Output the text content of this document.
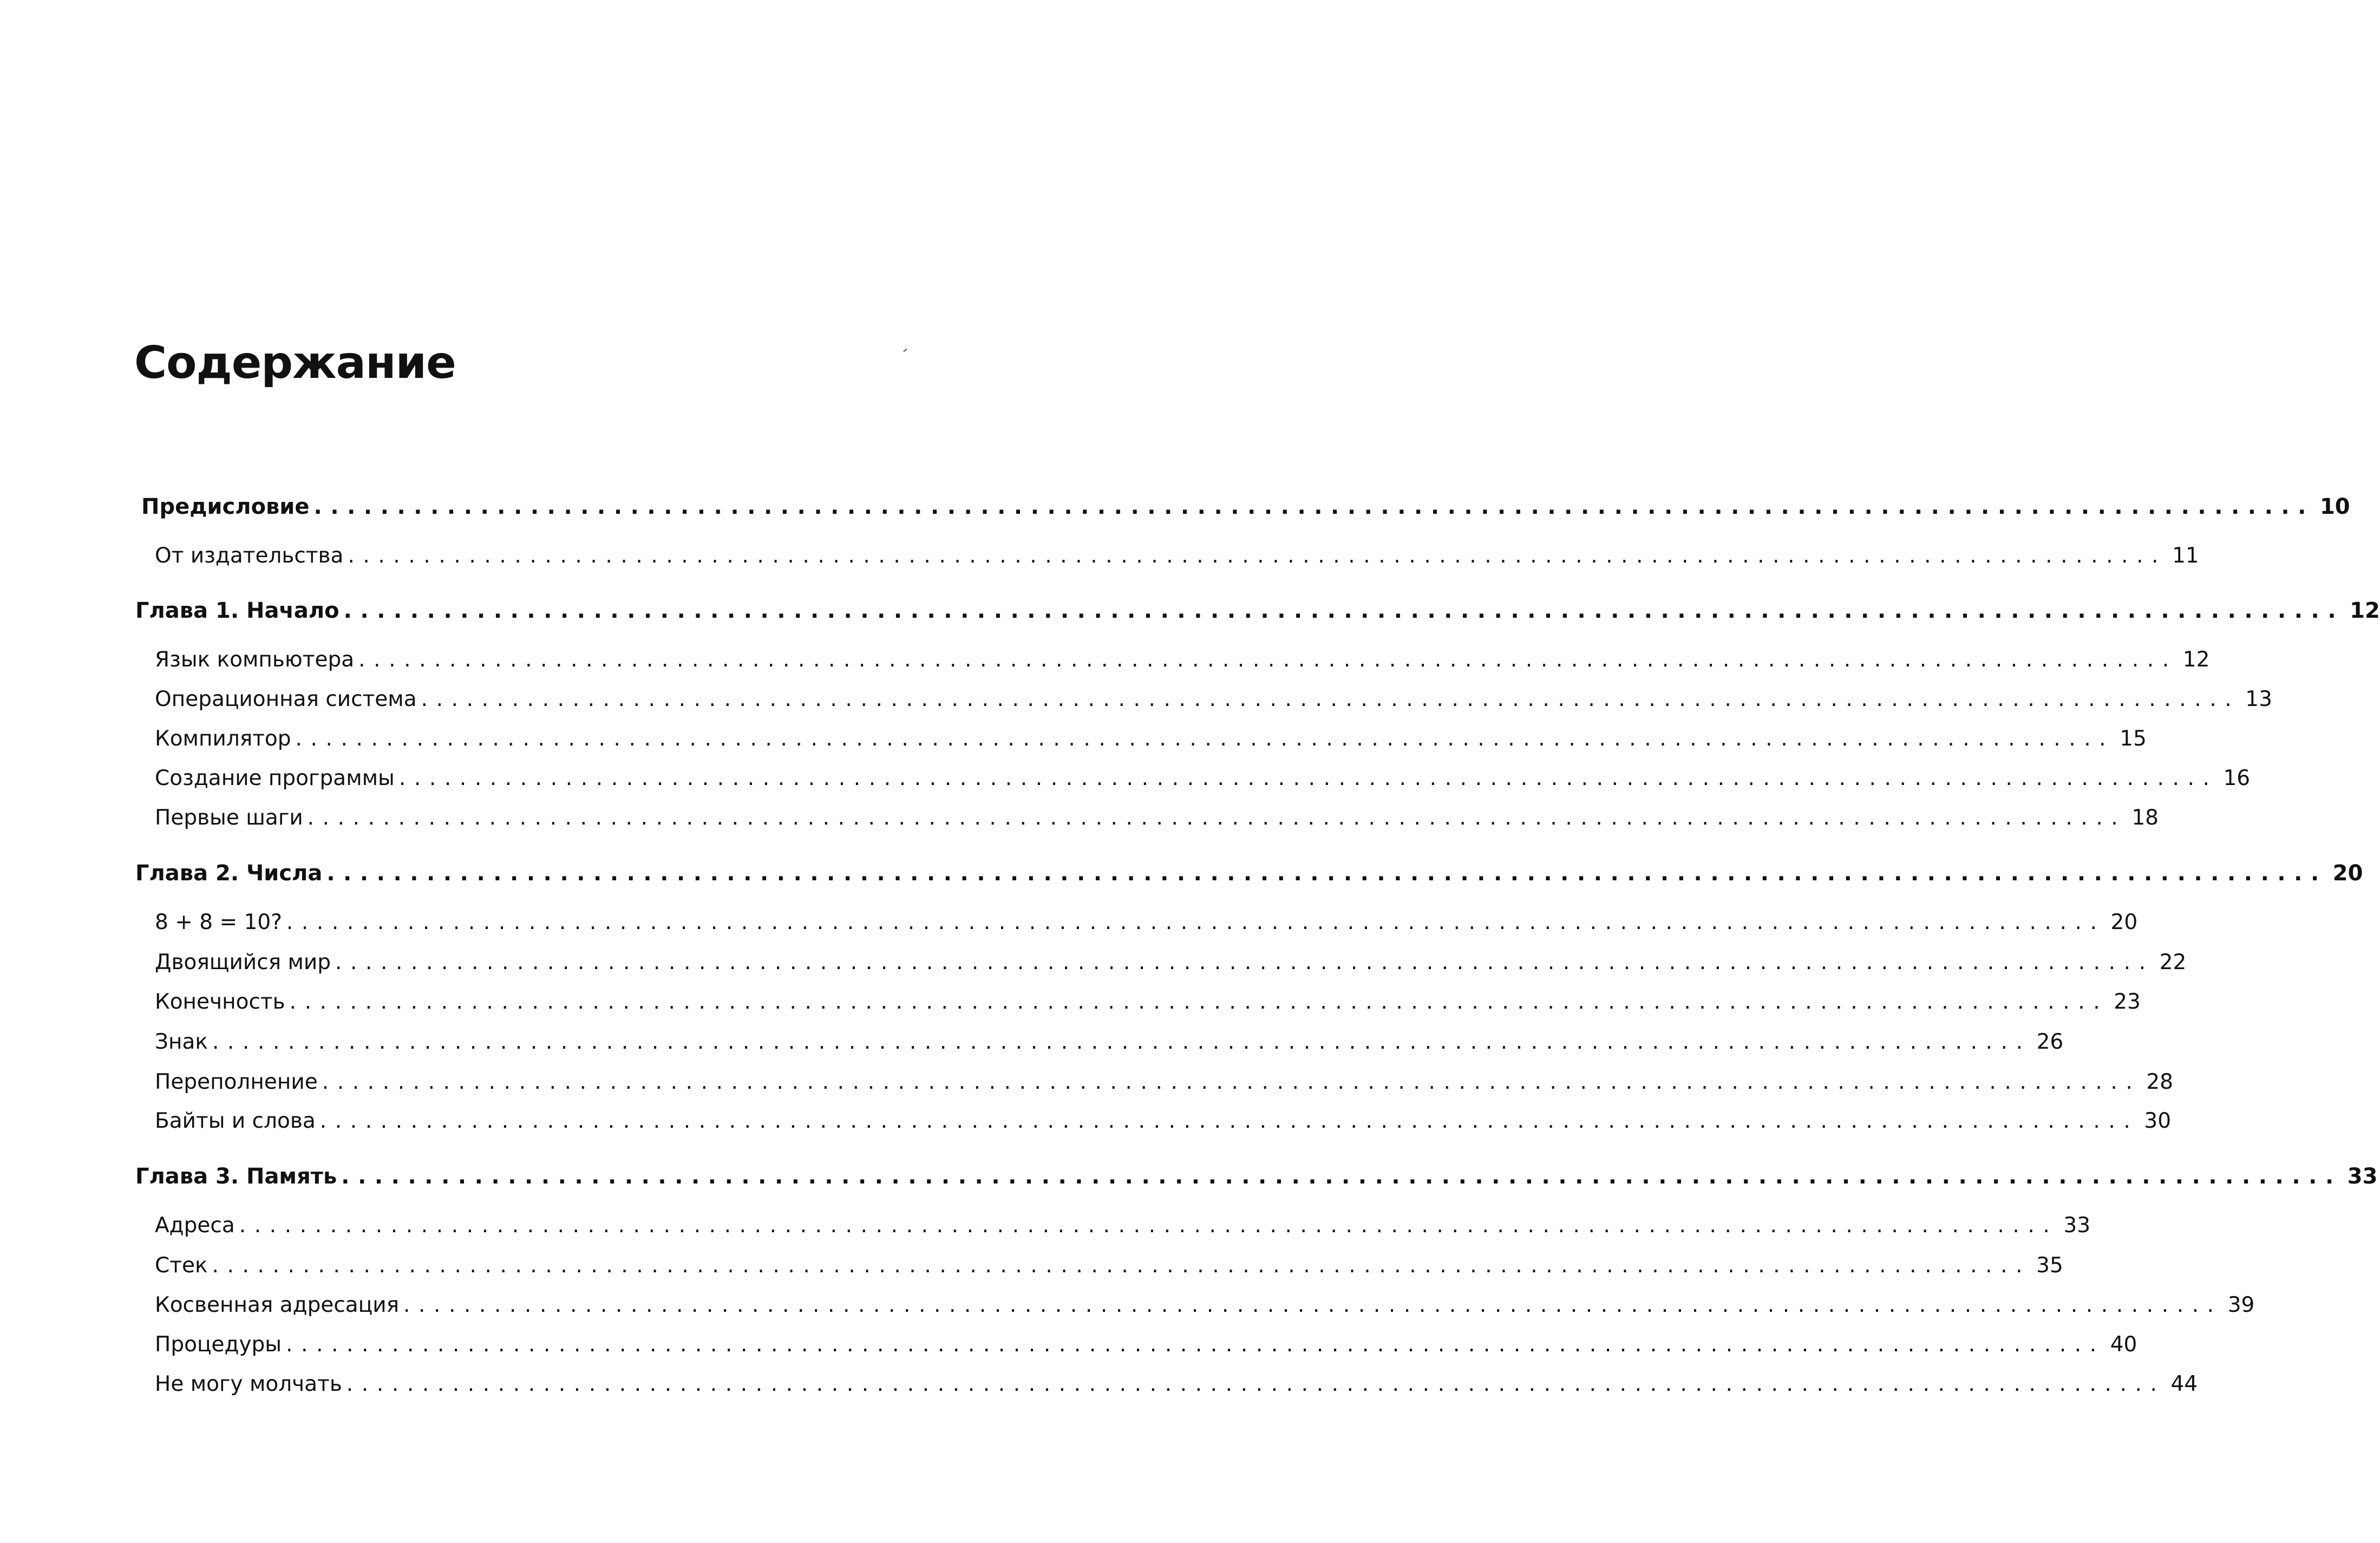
Содержание
Предисловие ........................................................................................................................ 10
От издательства ........................................................................................................................ 11
Глава 1. Начало ........................................................................................................................ 12
Язык компьютера ........................................................................................................................ 12
Операционная система ........................................................................................................................ 13
Компилятор ........................................................................................................................ 15
Создание программы ........................................................................................................................ 16
Первые шаги ........................................................................................................................ 18
Глава 2. Числа ........................................................................................................................ 20
8 + 8 = 10? ........................................................................................................................ 20
Двоящийся мир ........................................................................................................................ 22
Конечность ........................................................................................................................ 23
Знак ........................................................................................................................ 26
Переполнение ........................................................................................................................ 28
Байты и слова ........................................................................................................................ 30
Глава 3. Память ........................................................................................................................ 33
Адреса ........................................................................................................................ 33
Стек ........................................................................................................................ 35
Косвенная адресация ........................................................................................................................ 39
Процедуры ........................................................................................................................ 40
Не могу молчать ........................................................................................................................ 44
